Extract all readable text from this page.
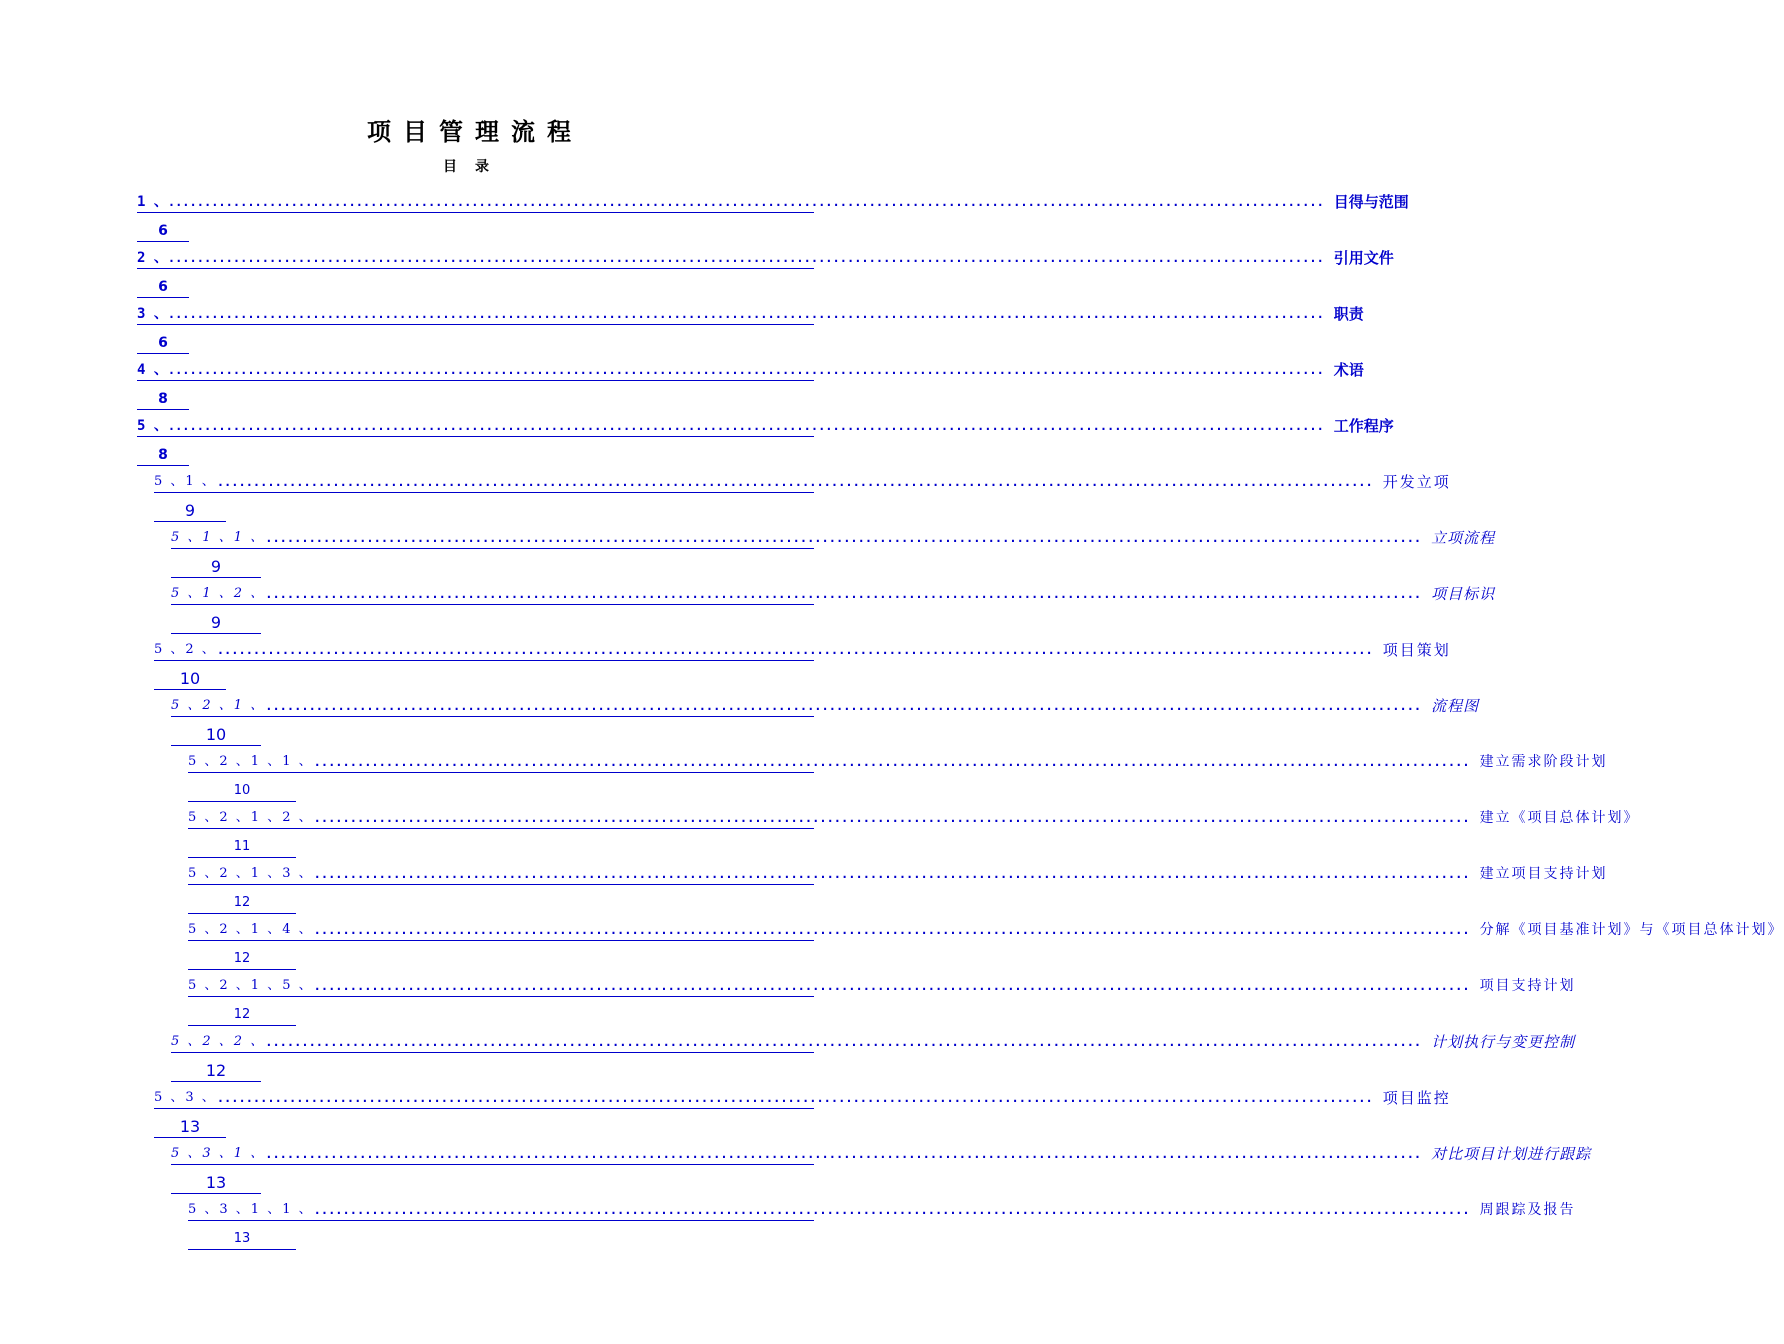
项目管理流程
目录
1 、 ................................................................................................................................................................ 目得与范围
6
2 、 ................................................................................................................................................................ 引用文件
6
3 、 ................................................................................................................................................................ 职责
6
4 、 ................................................................................................................................................................ 术语
8
5 、 ................................................................................................................................................................ 工作程序
8
5 、1 、 ................................................................................................................................................................ 开发立项
9
5 、1 、1 、 ................................................................................................................................................................ 立项流程
9
5 、1 、2 、 ................................................................................................................................................................ 项目标识
9
5 、2 、 ................................................................................................................................................................ 项目策划
10
5 、2 、1 、 ................................................................................................................................................................ 流程图
10
5 、2 、1 、1 、 ................................................................................................................................................................ 建立需求阶段计划
10
5 、2 、1 、2 、 ................................................................................................................................................................ 建立《项目总体计划》
11
5 、2 、1 、3 、 ................................................................................................................................................................ 建立项目支持计划
12
5 、2 、1 、4 、 ................................................................................................................................................................ 分解《项目基准计划》与《项目总体计划》
12
5 、2 、1 、5 、 ................................................................................................................................................................ 项目支持计划
12
5 、2 、2 、 ................................................................................................................................................................ 计划执行与变更控制
12
5 、3 、 ................................................................................................................................................................ 项目监控
13
5 、3 、1 、 ................................................................................................................................................................ 对比项目计划进行跟踪
13
5 、3 、1 、1 、 ................................................................................................................................................................ 周跟踪及报告
13
